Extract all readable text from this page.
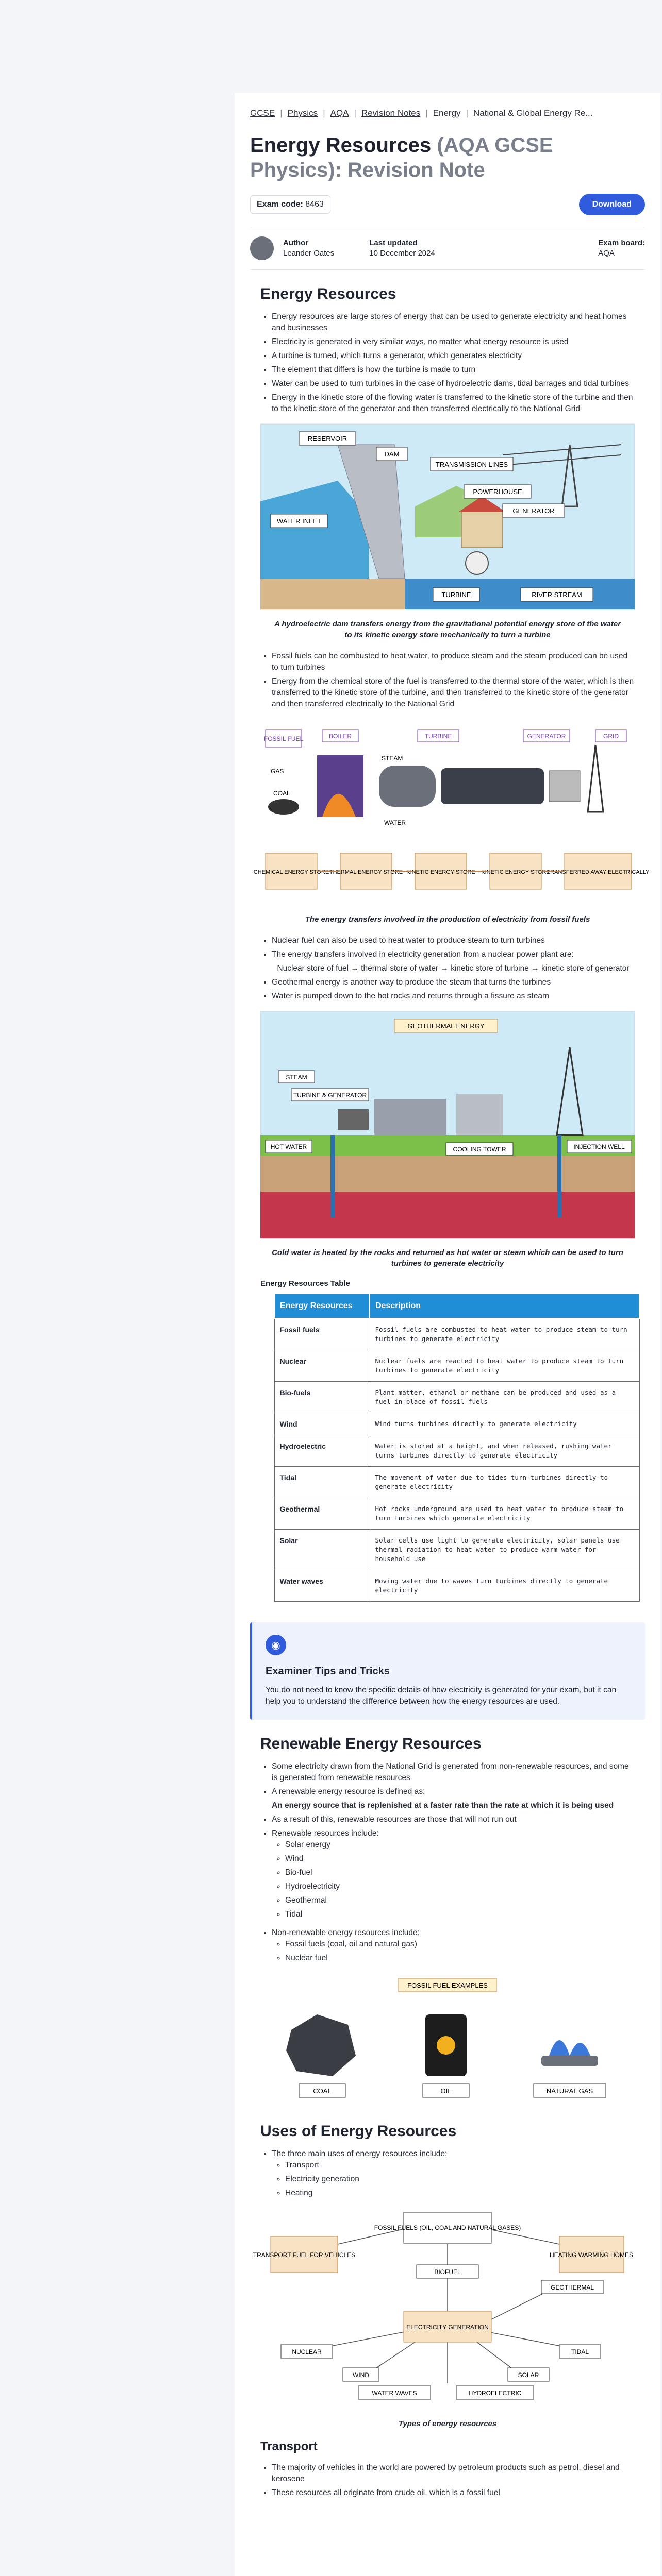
GCSE | Physics | AQA | Revision Notes | Energy | National & Global Energy Re...
Energy Resources (AQA GCSE Physics): Revision Note
Exam code: 8463	Download
Author
Leander Oates
Last updated
10 December 2024
Exam board:
AQA
Energy Resources
• Energy resources are large stores of energy that can be used to generate electricity and heat homes and businesses
• Electricity is generated in very similar ways, no matter what energy resource is used
• A turbine is turned, which turns a generator, which generates electricity
• The element that differs is how the turbine is made to turn
• Water can be used to turn turbines in the case of hydroelectric dams, tidal barrages and tidal turbines
• Energy in the kinetic store of the flowing water is transferred to the kinetic store of the turbine and then to the kinetic store of the generator and then transferred electrically to the National Grid
RESERVOIR
DAM
TRANSMISSION LINES
POWERHOUSE
GENERATOR
WATER INLET
TURBINE	RIVER STREAM

A hydroelectric dam transfers energy from the gravitational potential energy store of the water to its kinetic energy store mechanically to turn a turbine

• Fossil fuels can be combusted to heat water, to produce steam and the steam produced can be used to turn turbines
• Energy from the chemical store of the fuel is transferred to the thermal store of the water, which is then transferred to the kinetic store of the turbine, and then transferred to the kinetic store of the generator and then transferred electrically to the National Grid
FOSSIL FUEL	BOILER	TURBINE	GENERATOR	GRID
GAS
COAL
STEAM
WATER
CHEMICAL ENERGY STORE THERMAL ENERGY STORE KINETIC ENERGY STORE KINETIC ENERGY STORE
TRANSFERRED AWAY ELECTRICALLY

The energy transfers involved in the production of electricity from fossil fuels

• Nuclear fuel can also be used to heat water to produce steam to turn turbines
• The energy transfers involved in electricity generation from a nuclear power plant are:
Nuclear store of fuel → thermal store of water → kinetic store of turbine → kinetic store of generator
• Geothermal energy is another way to produce the steam that turns the turbines
• Water is pumped down to the hot rocks and returns through a fissure as steam
GEOTHERMAL ENERGY
STEAM
TURBINE & GENERATOR
HOT WATER	COOLING TOWER	INJECTION WELL

Cold water is heated by the rocks and returned as hot water or steam which can be used to turn turbines to generate electricity

Energy Resources Table

Energy Resources	Description
Fossil fuels	Fossil fuels are combusted to heat water to produce steam to turn turbines to generate electricity
Nuclear	Nuclear fuels are reacted to heat water to produce steam to turn turbines to generate electricity
Bio-fuels	Plant matter, ethanol or methane can be produced and used as a fuel in place of fossil fuels
Wind	Wind turns turbines directly to generate electricity
Hydroelectric	Water is stored at a height, and when released, rushing water turns turbines directly to generate electricity
Tidal	The movement of water due to tides turn turbines directly to generate electricity
Geothermal	Hot rocks underground are used to heat water to produce steam to turn turbines which generate electricity
Solar	Solar cells use light to generate electricity, solar panels use thermal radiation to heat water to produce warm water for household use
Water waves	Moving water due to waves turn turbines directly to generate electricity
◉
Examiner Tips and Tricks

You do not need to know the specific details of how electricity is generated for your exam, but it can help you to understand the difference between how the energy resources are used.

Renewable Energy Resources
• Some electricity drawn from the National Grid is generated from non-renewable resources, and some is generated from renewable resources
• A renewable energy resource is defined as:
An energy source that is replenished at a faster rate than the rate at which it is being used
• As a result of this, renewable resources are those that will not run out
• Renewable resources include:
◦ Solar energy
◦ Wind
◦ Bio-fuel
◦ Hydroelectricity
◦ Geothermal
◦ Tidal
• Non-renewable energy resources include:
◦ Fossil fuels (coal, oil and natural gas)
◦ Nuclear fuel
FOSSIL FUEL EXAMPLES
COAL	OIL	NATURAL GAS
Uses of Energy Resources
• The three main uses of energy resources include:
◦ Transport
◦ Electricity generation
◦ Heating
FOSSIL FUELS (OIL, COAL AND NATURAL GASES)
TRANSPORT FUEL FOR VEHICLES	HEATING WARMING HOMES
BIOFUEL
GEOTHERMAL
ELECTRICITY GENERATION
NUCLEAR	TIDAL
WIND	SOLAR
WATER WAVES	HYDROELECTRIC

Types of energy resources

Transport
• The majority of vehicles in the world are powered by petroleum products such as petrol, diesel and kerosene
• These resources all originate from crude oil, which is a fossil fuel
